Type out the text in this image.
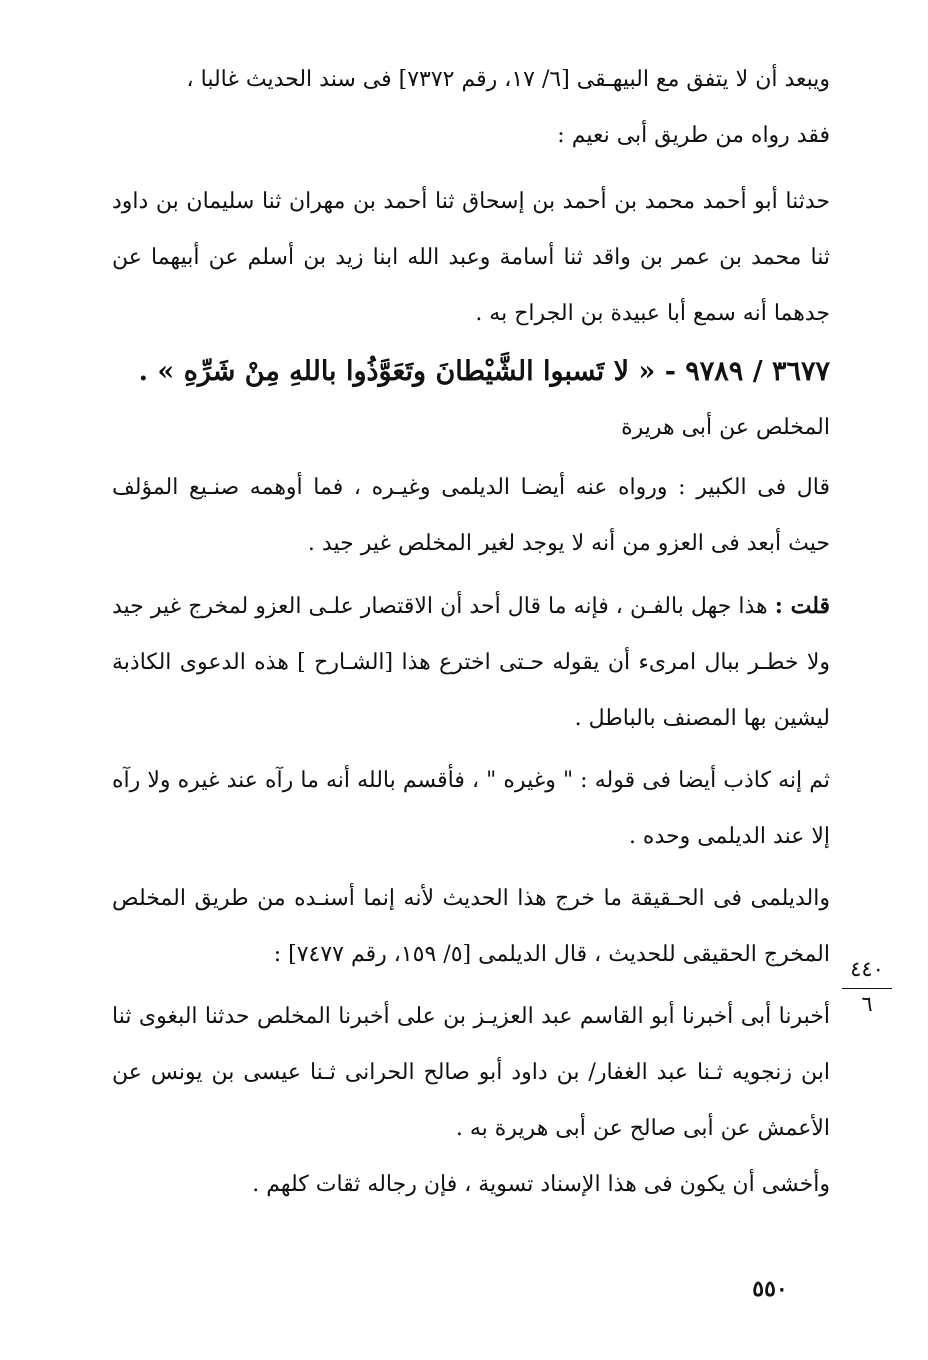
ويبعد أن لا يتفق مع البيهـقى [٦/ ١٧، رقم ٧٣٧٢] فى سند الحديث غالبا ،

فقد رواه من طريق أبى نعيم :

حدثنا أبو أحمد محمد بن أحمد بن إسحاق ثنا أحمد بن مهران ثنا سليمان بن داود ثنا محمد بن عمر بن واقد ثنا أسامة وعبد الله ابنا زيد بن أسلم عن أبيهما عن جدهما أنه سمع أبا عبيدة بن الجراح به .

٣٦٧٧ / ٩٧٨٩ - « لا تَسبوا الشَّيْطانَ وتَعَوَّذُوا باللهِ مِنْ شَرِّهِ » .

المخلص عن أبى هريرة

قال فى الكبير : ورواه عنه أيضـا الديلمى وغيـره ، فما أوهمه صنـيع المؤلف حيث أبعد فى العزو من أنه لا يوجد لغير المخلص غير جيد .

قلت : هذا جهل بالفـن ، فإنه ما قال أحد أن الاقتصار علـى العزو لمخرج غير جيد ولا خطـر ببال امرىء أن يقوله حـتى اخترع هذا [الشـارح ] هذه الدعوى الكاذبة ليشين بها المصنف بالباطل .

ثم إنه كاذب أيضا فى قوله : " وغيره " ، فأقسم بالله أنه ما رآه عند غيره ولا رآه إلا عند الديلمى وحده .

والديلمى فى الحـقيقة ما خرج هذا الحديث لأنه إنما أسنـده من طريق المخلص المخرج الحقيقى للحديث ، قال الديلمى [٥/ ١٥٩، رقم ٧٤٧٧] :

أخبرنا أبى أخبرنا أبو القاسم عبد العزيـز بن على أخبرنا المخلص حدثنا البغوى ثنا ابن زنجويه ثـنا عبد الغفار/ بن داود أبو صالح الحرانى ثـنا عيسى بن يونس عن الأعمش عن أبى صالح عن أبى هريرة به .

وأخشى أن يكون فى هذا الإسناد تسوية ، فإن رجاله ثقات كلهم .

٤٤٠
٦
٥٥٠
